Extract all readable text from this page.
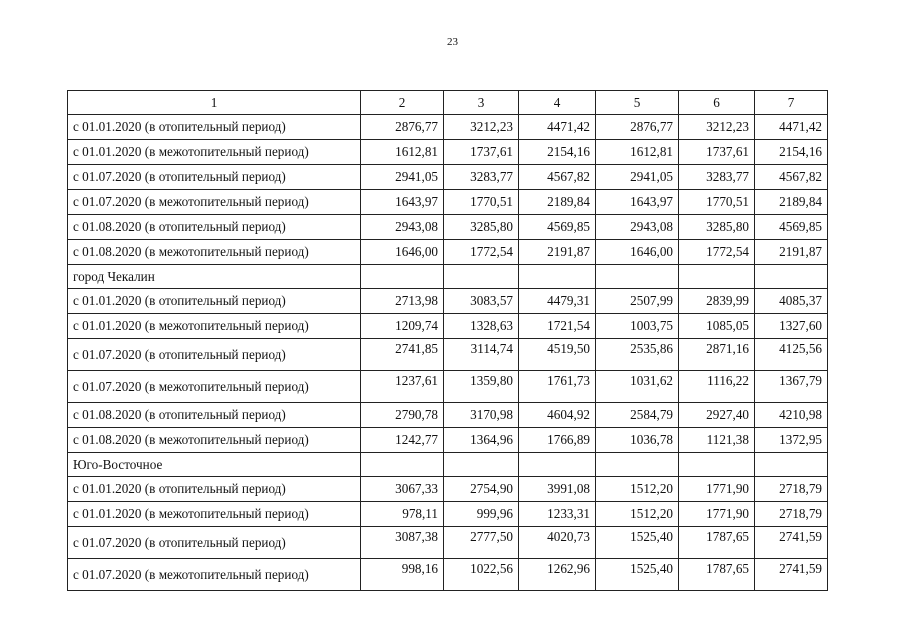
23
1	2	3	4	5	6	7
с 01.01.2020 (в отопительный период)	2876,77	3212,23	4471,42	2876,77	3212,23	4471,42
с 01.01.2020 (в межотопительный период)	1612,81	1737,61	2154,16	1612,81	1737,61	2154,16
с 01.07.2020 (в отопительный период)	2941,05	3283,77	4567,82	2941,05	3283,77	4567,82
с 01.07.2020 (в межотопительный период)	1643,97	1770,51	2189,84	1643,97	1770,51	2189,84
с 01.08.2020 (в отопительный период)	2943,08	3285,80	4569,85	2943,08	3285,80	4569,85
с 01.08.2020 (в межотопительный период)	1646,00	1772,54	2191,87	1646,00	1772,54	2191,87
город Чекалин						
с 01.01.2020 (в отопительный период)	2713,98	3083,57	4479,31	2507,99	2839,99	4085,37
с 01.01.2020 (в межотопительный период)	1209,74	1328,63	1721,54	1003,75	1085,05	1327,60
с 01.07.2020 (в отопительный период)	2741,85	3114,74	4519,50	2535,86	2871,16	4125,56
с 01.07.2020 (в межотопительный период)	1237,61	1359,80	1761,73	1031,62	1116,22	1367,79
с 01.08.2020 (в отопительный период)	2790,78	3170,98	4604,92	2584,79	2927,40	4210,98
с 01.08.2020 (в межотопительный период)	1242,77	1364,96	1766,89	1036,78	1121,38	1372,95
Юго-Восточное						
с 01.01.2020 (в отопительный период)	3067,33	2754,90	3991,08	1512,20	1771,90	2718,79
с 01.01.2020 (в межотопительный период)	978,11	999,96	1233,31	1512,20	1771,90	2718,79
с 01.07.2020 (в отопительный период)	3087,38	2777,50	4020,73	1525,40	1787,65	2741,59
с 01.07.2020 (в межотопительный период)	998,16	1022,56	1262,96	1525,40	1787,65	2741,59
